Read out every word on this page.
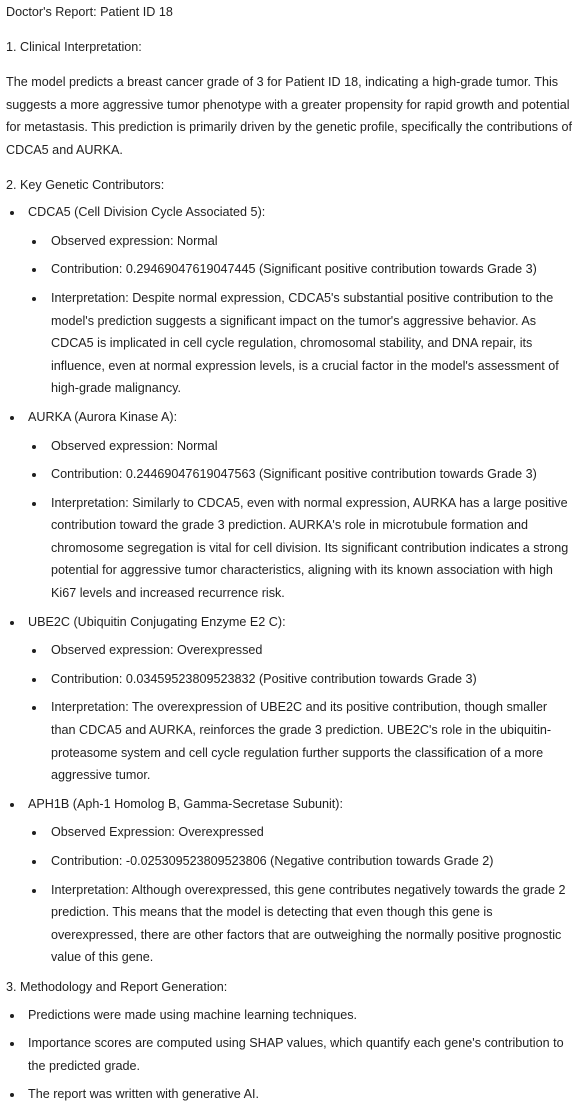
Doctor's Report: Patient ID 18
1. Clinical Interpretation:

The model predicts a breast cancer grade of 3 for Patient ID 18, indicating a high-grade tumor. This suggests a more aggressive tumor phenotype with a greater propensity for rapid growth and potential for metastasis. This prediction is primarily driven by the genetic profile, specifically the contributions of CDCA5 and AURKA.

2. Key Genetic Contributors:
CDCA5 (Cell Division Cycle Associated 5):
Observed expression: Normal
Contribution: 0.29469047619047445 (Significant positive contribution towards Grade 3)
Interpretation: Despite normal expression, CDCA5's substantial positive contribution to the model's prediction suggests a significant impact on the tumor's aggressive behavior. As CDCA5 is implicated in cell cycle regulation, chromosomal stability, and DNA repair, its influence, even at normal expression levels, is a crucial factor in the model's assessment of high-grade malignancy.
AURKA (Aurora Kinase A):
Observed expression: Normal
Contribution: 0.24469047619047563 (Significant positive contribution towards Grade 3)
Interpretation: Similarly to CDCA5, even with normal expression, AURKA has a large positive contribution toward the grade 3 prediction. AURKA's role in microtubule formation and chromosome segregation is vital for cell division. Its significant contribution indicates a strong potential for aggressive tumor characteristics, aligning with its known association with high Ki67 levels and increased recurrence risk.
UBE2C (Ubiquitin Conjugating Enzyme E2 C):
Observed expression: Overexpressed
Contribution: 0.03459523809523832 (Positive contribution towards Grade 3)
Interpretation: The overexpression of UBE2C and its positive contribution, though smaller than CDCA5 and AURKA, reinforces the grade 3 prediction. UBE2C's role in the ubiquitin-proteasome system and cell cycle regulation further supports the classification of a more aggressive tumor.
APH1B (Aph-1 Homolog B, Gamma-Secretase Subunit):
Observed Expression: Overexpressed
Contribution: -0.025309523809523806 (Negative contribution towards Grade 2)
Interpretation: Although overexpressed, this gene contributes negatively towards the grade 2 prediction. This means that the model is detecting that even though this gene is overexpressed, there are other factors that are outweighing the normally positive prognostic value of this gene.
3. Methodology and Report Generation:
Predictions were made using machine learning techniques.
Importance scores are computed using SHAP values, which quantify each gene's contribution to the predicted grade.
The report was written with generative AI.
